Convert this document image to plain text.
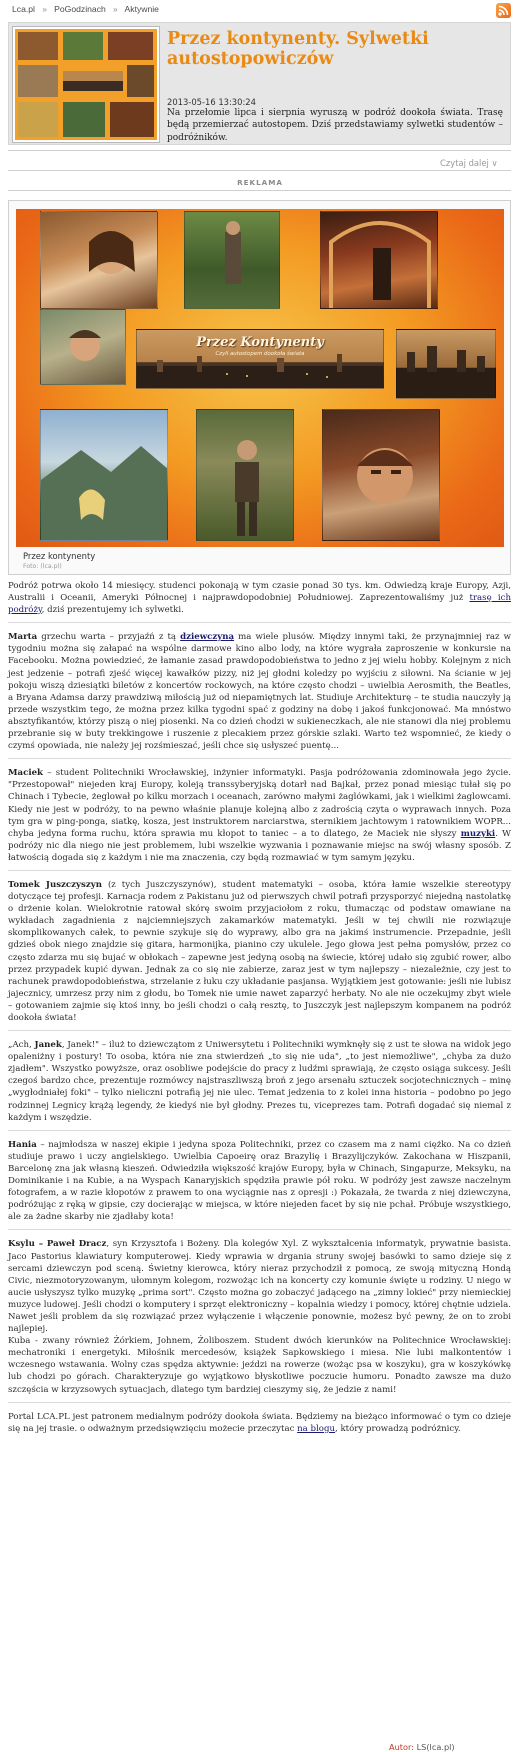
Lca.pl » PoGodzinach » Aktywnie
Przez kontynenty. Sylwetki autostopowiczów
2013-05-16 13:30:24
Na przełomie lipca i sierpnia wyruszą w podróż dookoła świata. Trasę będą przemierzać autostopem. Dziś przedstawiamy sylwetki studentów – podróżników.
Czytaj dalej ∨
REKLAMA
Przez Kontynenty
Czyli autostopem dookoła świata
Przez kontynenty
Foto: (lca.pl)

Podróż potrwa około 14 miesięcy. studenci pokonają w tym czasie ponad 30 tys. km. Odwiedzą kraje Europy, Azji, Australii i Oceanii, Ameryki Północnej i najprawdopodobniej Południowej. Zaprezentowaliśmy już trasę ich podróży, dziś prezentujemy ich sylwetki.

Marta grzechu warta – przyjaźń z tą dziewczyną ma wiele plusów. Między innymi taki, że przynajmniej raz w tygodniu można się załapać na wspólne darmowe kino albo lody, na które wygrała zaproszenie w konkursie na Facebooku. Można powiedzieć, że łamanie zasad prawdopodobieństwa to jedno z jej wielu hobby. Kolejnym z nich jest jedzenie – potrafi zjeść więcej kawałków pizzy, niż jej głodni koledzy po wyjściu z siłowni. Na ścianie w jej pokoju wiszą dziesiątki biletów z koncertów rockowych, na które często chodzi – uwielbia Aerosmith, the Beatles, a Bryana Adamsa darzy prawdziwą miłością już od niepamiętnych lat. Studiuje Architekturę – te studia nauczyły ją przede wszystkim tego, że można przez kilka tygodni spać z godziny na dobę i jakoś funkcjonować. Ma mnóstwo absztyfikantów, którzy piszą o niej piosenki. Na co dzień chodzi w sukieneczkach, ale nie stanowi dla niej problemu przebranie się w buty trekkingowe i ruszenie z plecakiem przez górskie szlaki. Warto też wspomnieć, że kiedy o czymś opowiada, nie należy jej rozśmieszać, jeśli chce się usłyszeć puentę...

Maciek – student Politechniki Wrocławskiej, inżynier informatyki. Pasja podróżowania zdominowała jego życie. "Przestopował" niejeden kraj Europy, koleją transsyberyjską dotarł nad Bajkał, przez ponad miesiąc tułał się po Chinach i Tybecie, żeglował po kilku morzach i oceanach, zarówno małymi żaglówkami, jak i wielkimi żaglowcami. Kiedy nie jest w podróży, to na pewno właśnie planuje kolejną albo z zadrością czyta o wyprawach innych. Poza tym gra w ping-ponga, siatkę, kosza, jest instruktorem narciarstwa, sternikiem jachtowym i ratownikiem WOPR... chyba jedyna forma ruchu, która sprawia mu kłopot to taniec – a to dlatego, że Maciek nie słyszy muzyki. W podróży nic dla niego nie jest problemem, lubi wszelkie wyzwania i poznawanie miejsc na swój własny sposób. Z łatwością dogada się z każdym i nie ma znaczenia, czy będą rozmawiać w tym samym języku.

Tomek Juszczyszyn (z tych Juszczyszynów), student matematyki – osoba, która łamie wszelkie stereotypy dotyczące tej profesji. Karnacja rodem z Pakistanu już od pierwszych chwil potrafi przysporzyć niejedną nastolatkę o drżenie kolan. Wielokrotnie ratował skórę swoim przyjaciołom z roku, tłumacząc od podstaw omawiane na wykładach zagadnienia z najciemniejszych zakamarków matematyki. Jeśli w tej chwili nie rozwiązuje skomplikowanych całek, to pewnie szykuje się do wyprawy, albo gra na jakimś instrumencie. Przepadnie, jeśli gdzieś obok niego znajdzie się gitara, harmonijka, pianino czy ukulele. Jego głowa jest pełna pomysłów, przez co często zdarza mu się bujać w obłokach – zapewne jest jedyną osobą na świecie, której udało się zgubić rower, albo przez przypadek kupić dywan. Jednak za co się nie zabierze, zaraz jest w tym najlepszy – niezależnie, czy jest to rachunek prawdopodobieństwa, strzelanie z łuku czy układanie pasjansa. Wyjątkiem jest gotowanie: jeśli nie lubisz jajecznicy, umrzesz przy nim z głodu, bo Tomek nie umie nawet zaparzyć herbaty. No ale nie oczekujmy zbyt wiele – gotowaniem zajmie się ktoś inny, bo jeśli chodzi o całą resztę, to Juszczyk jest najlepszym kompanem na podróż dookoła świata!

„Ach, Janek, Janek!" – iluż to dziewczątom z Uniwersytetu i Politechniki wymknęły się z ust te słowa na widok jego opaleniżny i postury! To osoba, która nie zna stwierdzeń „to się nie uda", „to jest niemożliwe", „chyba za dużo zjadłem". Wszystko powyższe, oraz osobliwe podejście do pracy z ludźmi sprawiają, że często osiąga sukcesy. Jeśli czegoś bardzo chce, prezentuje rozmówcy najstraszliwszą broń z jego arsenału sztuczek socjotechnicznych – minę „wygłodniałej foki" – tylko nieliczni potrafią jej nie ulec. Temat jedzenia to z kolei inna historia – podobno po jego rodzinnej Legnicy krążą legendy, że kiedyś nie był głodny. Prezes tu, viceprezes tam. Potrafi dogadać się niemal z każdym i wszędzie.

Hania – najmłodsza w naszej ekipie i jedyna spoza Politechniki, przez co czasem ma z nami ciężko. Na co dzień studiuje prawo i uczy angielskiego. Uwielbia Capoeirę oraz Brazylię i Brazylijczyków. Zakochana w Hiszpanii, Barcelonę zna jak własną kieszeń. Odwiedziła większość krajów Europy, była w Chinach, Singapurze, Meksyku, na Dominikanie i na Kubie, a na Wyspach Kanaryjskich spędziła prawie pół roku. W podróży jest zawsze naczelnym fotografem, a w razie kłopotów z prawem to ona wyciągnie nas z opresji :) Pokazała, że twarda z niej dziewczyna, podróżując z ręką w gipsie, czy docierając w miejsca, w które niejeden facet by się nie pchał. Próbuje wszystkiego, ale za żadne skarby nie zjadłaby kota!

Ksylu – Paweł Dracz, syn Krzysztofa i Bożeny. Dla kolegów Xyl. Z wykształcenia informatyk, prywatnie basista. Jaco Pastorius klawiatury komputerowej. Kiedy wprawia w drgania struny swojej basówki to samo dzieje się z sercami dziewczyn pod sceną. Świetny kierowca, który nieraz przychodził z pomocą, ze swoją mityczną Hondą Civic, niezmotoryzowanym, ułomnym kolegom, rozwożąc ich na koncerty czy komunie święte u rodziny. U niego w aucie usłyszysz tylko muzykę „prima sort". Często można go zobaczyć jadącego na „zimny lokieć" przy niemieckiej muzyce ludowej. Jeśli chodzi o komputery i sprzęt elektroniczny – kopalnia wiedzy i pomocy, której chętnie udziela. Nawet jeśli problem da się rozwiązać przez wyłączenie i włączenie ponownie, możesz być pewny, że on to zrobi najlepiej.

Kuba - zwany również Żórkiem, Johnem, Żoliboszem. Student dwóch kierunków na Politechnice Wrocławskiej: mechatroniki i energetyki. Miłośnik mercedesów, książek Sapkowskiego i miesa. Nie lubi malkontentów i wczesnego wstawania. Wolny czas spędza aktywnie: jeździ na rowerze (wożąc psa w koszyku), gra w koszykówkę lub chodzi po górach. Charakteryzuje go wyjątkowo błyskotliwe poczucie humoru. Ponadto zawsze ma dużo szczęścia w krzyzsowych sytuacjach, dlatego tym bardziej cieszymy się, że jedzie z nami!

Portal LCA.PL jest patronem medialnym podróży dookoła świata. Będziemy na bieżąco informować o tym co dzieje się na jej trasie. o odważnym przedsięwzięciu możecie przeczytac na blogu, który prowadzą podróżnicy.

Autor: LS(lca.pl)
